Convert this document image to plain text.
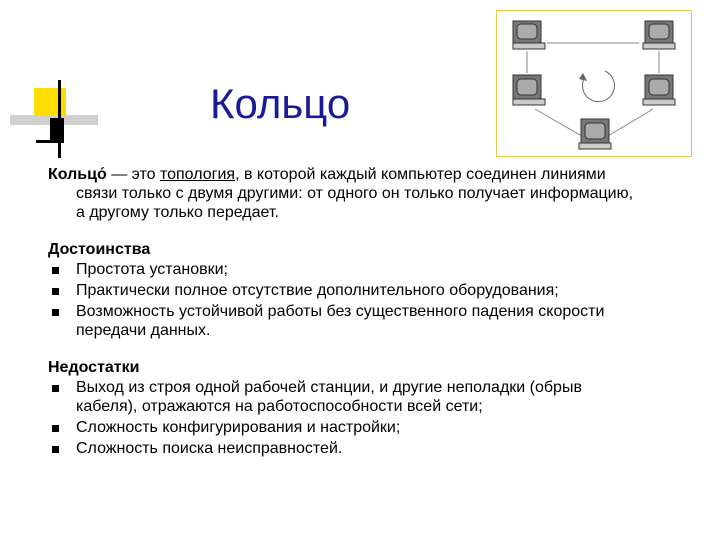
Кольцо

Кольцо́ — это топология, в которой каждый компьютер соединен линиями
связи только с двумя другими: от одного он только получает информацию,
а другому только передает.

Достоинства
Простота установки;
Практически полное отсутствие дополнительного оборудования;
Возможность устойчивой работы без существенного падения скорости
передачи данных.
Недостатки
Выход из строя одной рабочей станции, и другие неполадки (обрыв
кабеля), отражаются на работоспособности всей сети;
Сложность конфигурирования и настройки;
Сложность поиска неисправностей.
